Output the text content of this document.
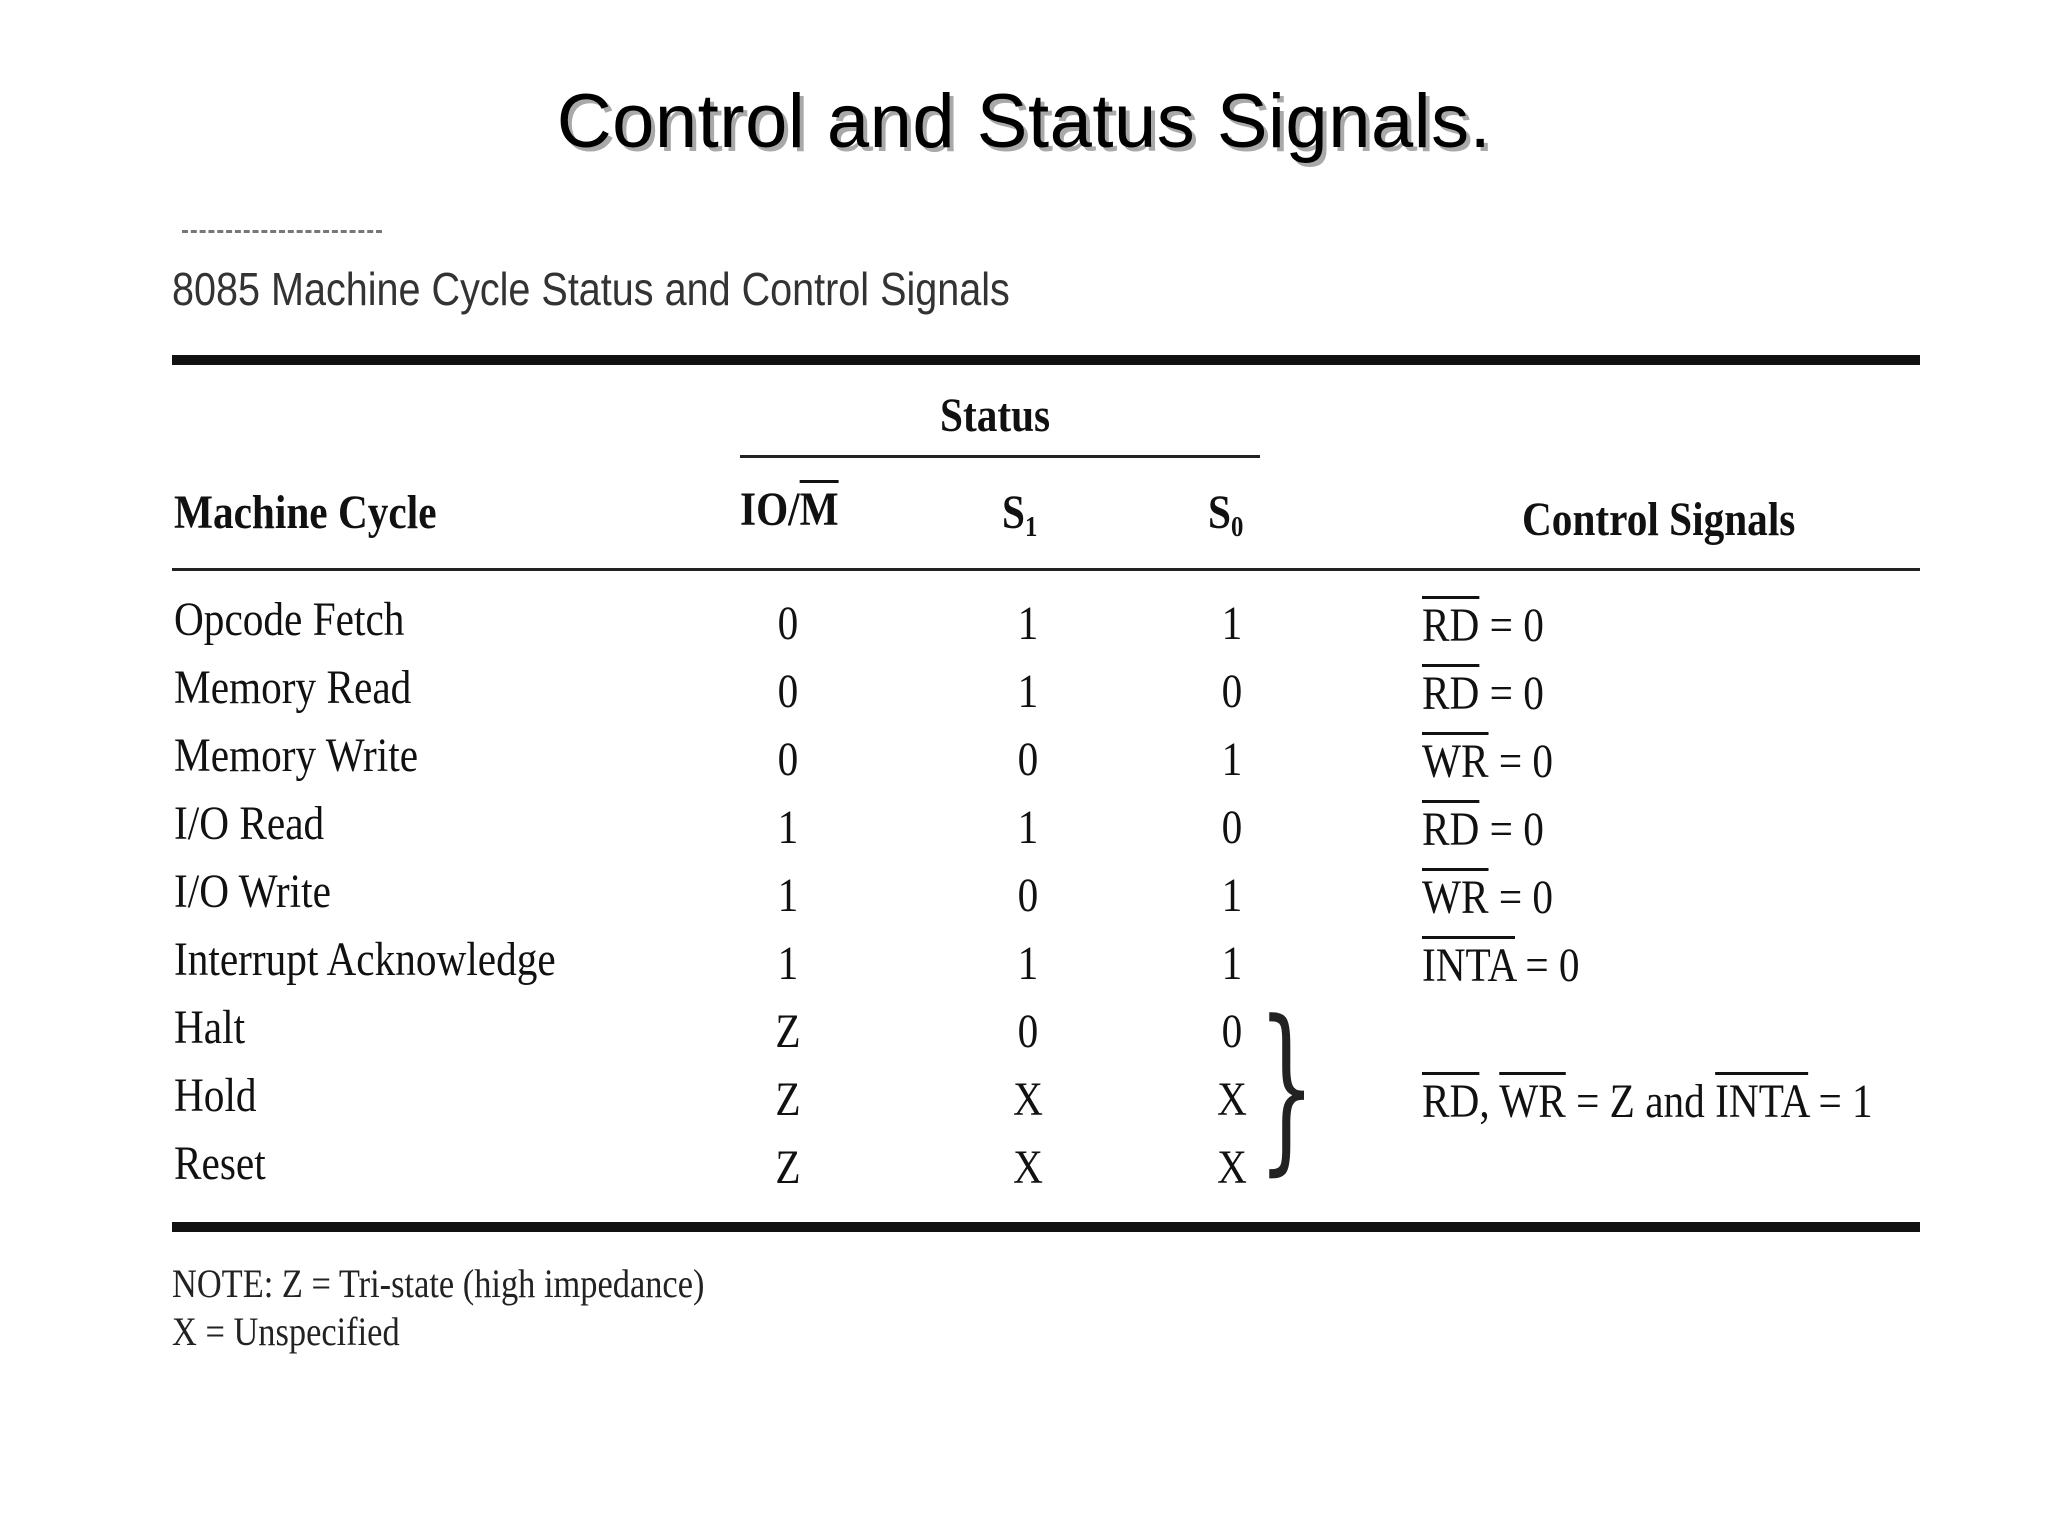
Control and Status Signals.
8085 Machine Cycle Status and Control Signals
Status
Machine Cycle	$IO/\overline{M}$	$S_1$	$S_0$	Control Signals
Opcode Fetch	0	1	1	$\overline{RD} = 0$
Memory Read	0	1	0	$\overline{RD} = 0$
Memory Write	0	0	1	$\overline{WR} = 0$
I/O Read	1	1	0	$\overline{RD} = 0$
I/O Write	1	0	1	$\overline{WR} = 0$
Interrupt Acknowledge	1	1	1	INTA = 0
Halt	Z	0	0
Hold	Z	X	X
Reset	Z	X	X } $\overline{RD}$, $\overline{WR} = Z$ and INTA = 1
NOTE: Z = Tri-state (high impedance)
X = Unspecified
